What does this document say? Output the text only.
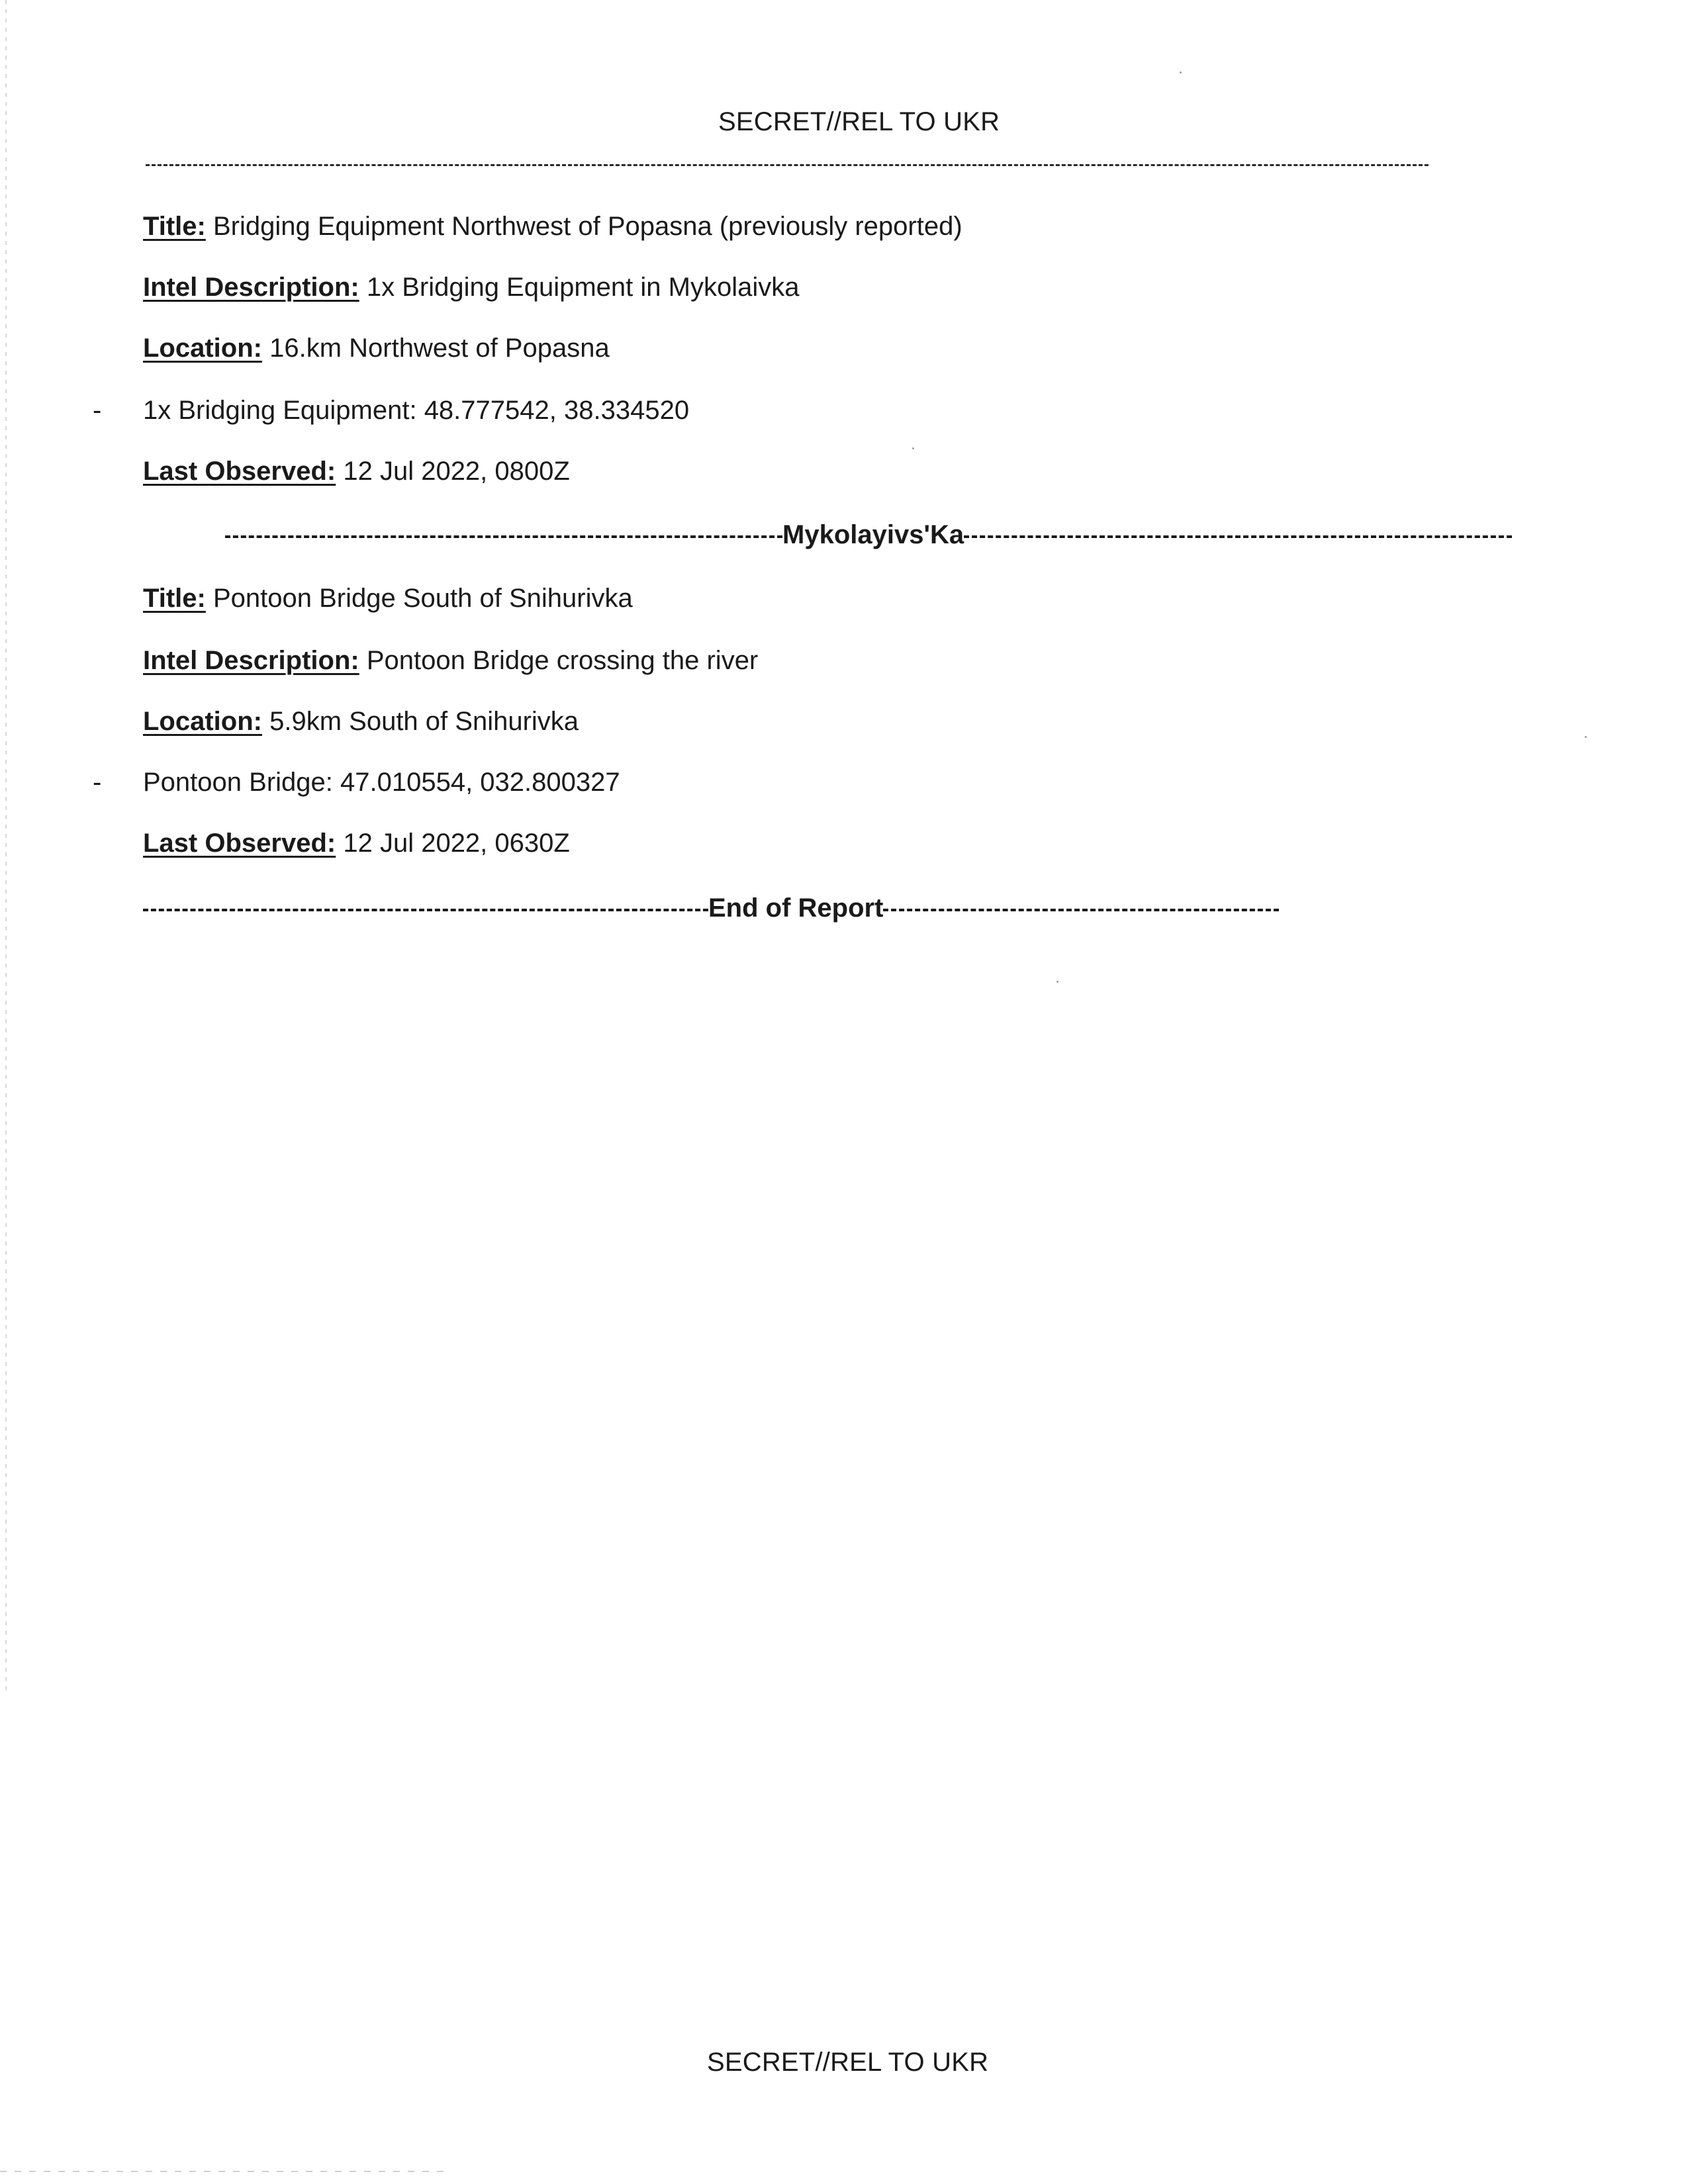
SECRET//REL TO UKR
Title: Bridging Equipment Northwest of Popasna (previously reported)
Intel Description: 1x Bridging Equipment in Mykolaivka
Location: 16.km Northwest of Popasna
- 1x Bridging Equipment: 48.777542, 38.334520
Last Observed: 12 Jul 2022, 0800Z
Mykolayivs'Ka
Title: Pontoon Bridge South of Snihurivka
Intel Description: Pontoon Bridge crossing the river
Location: 5.9km South of Snihurivka
- Pontoon Bridge: 47.010554, 032.800327
Last Observed: 12 Jul 2022, 0630Z
End of Report
SECRET//REL TO UKR
